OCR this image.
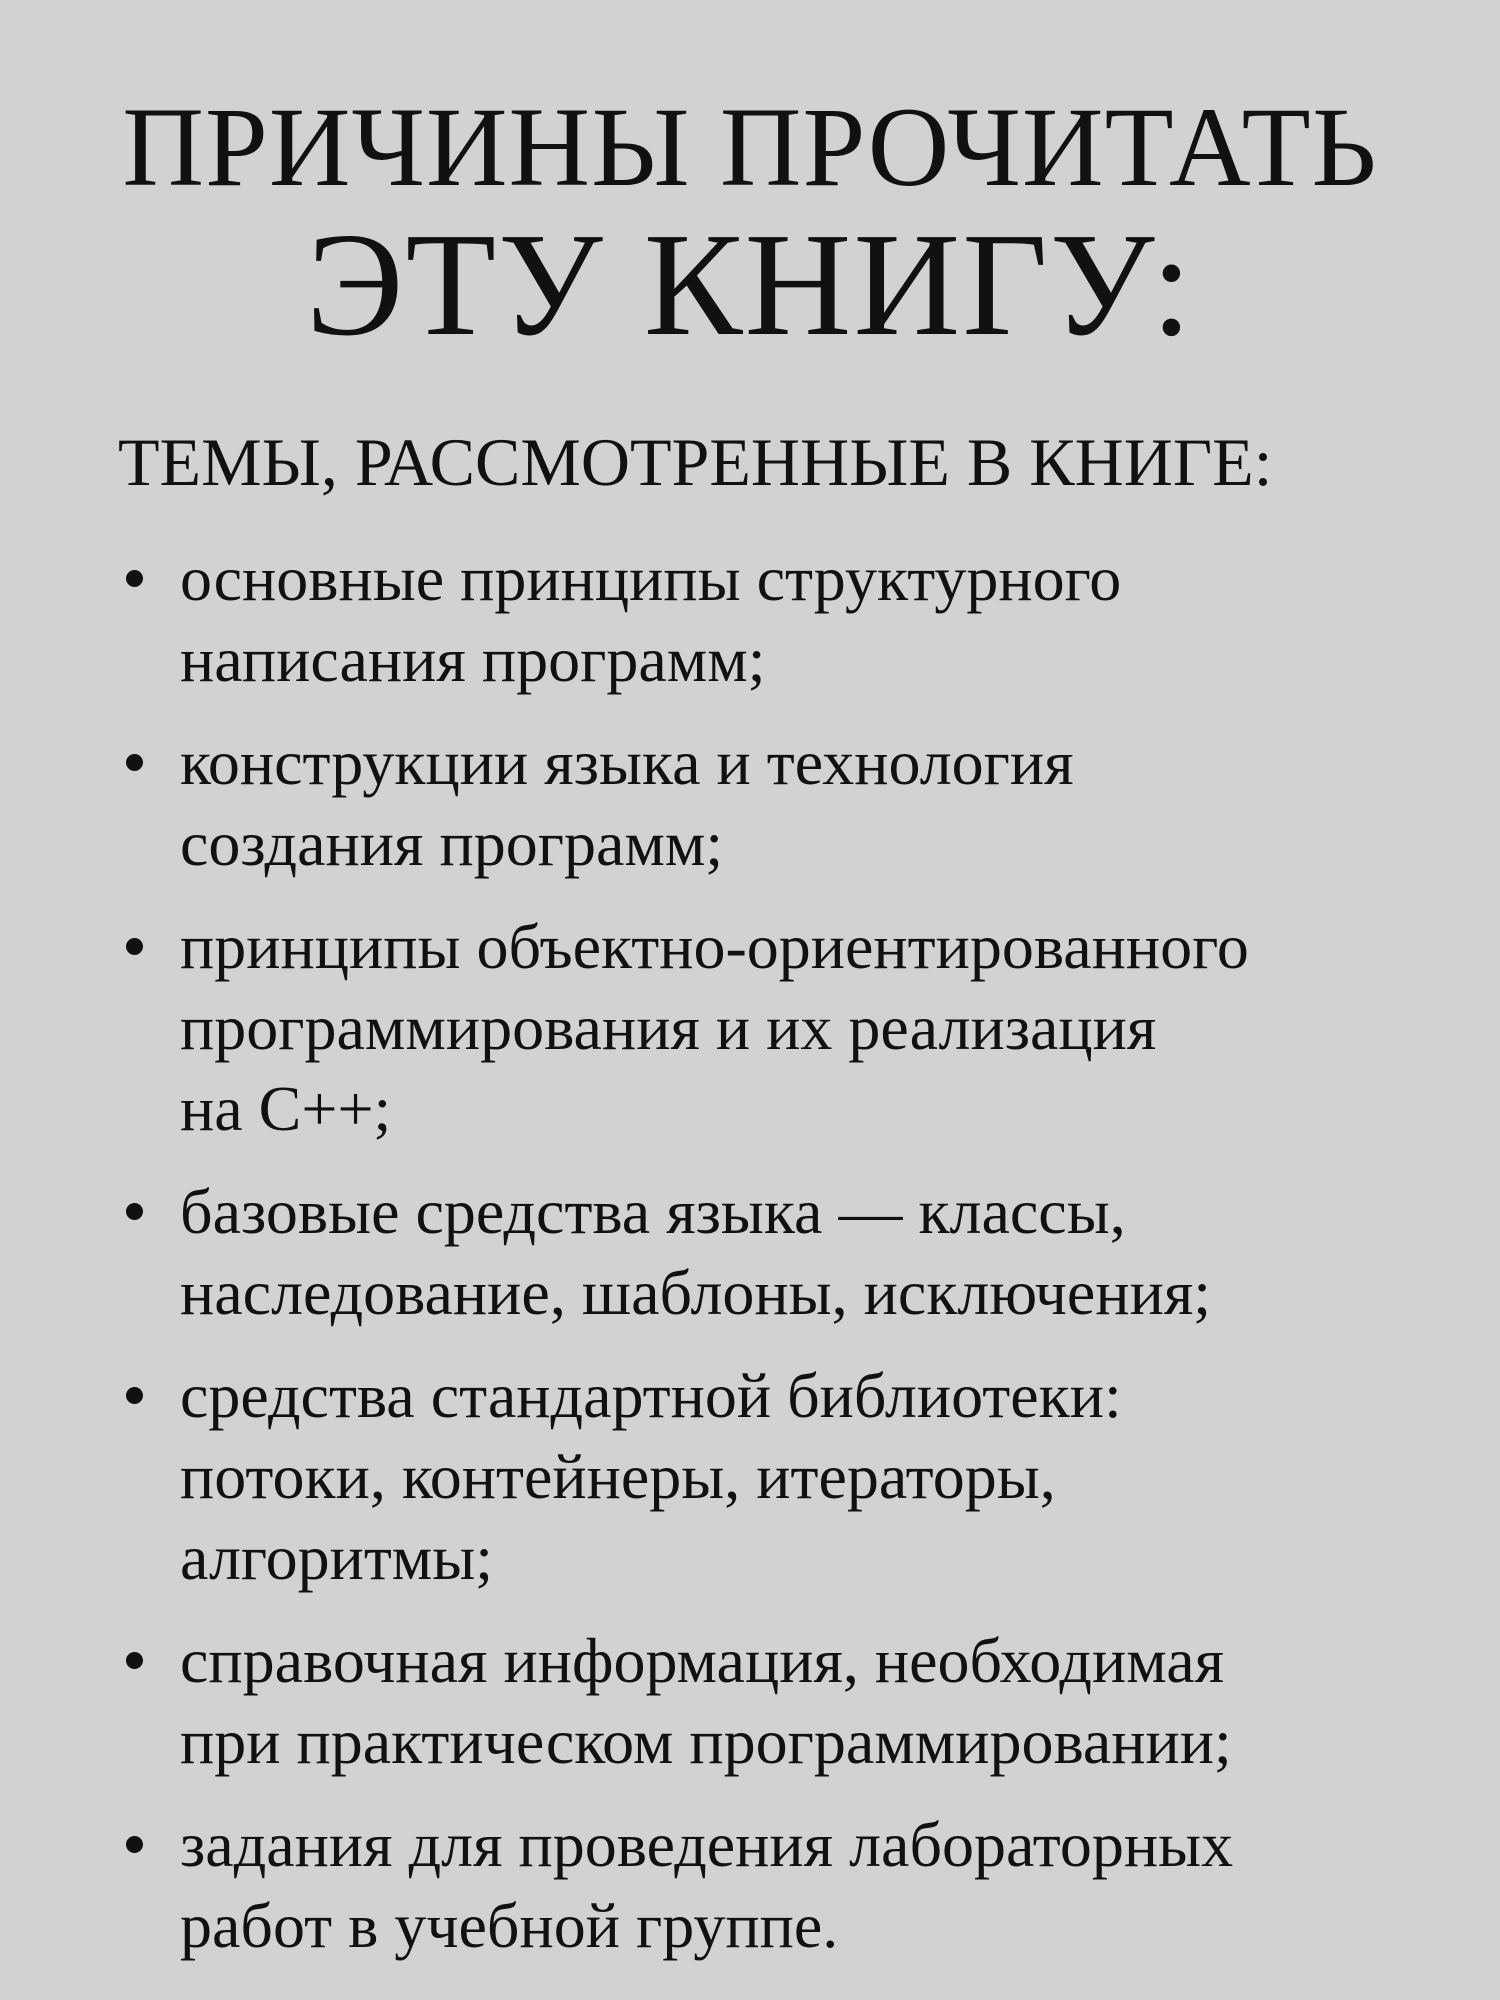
ПРИЧИНЫ ПРОЧИТАТЬ
ЭТУ КНИГУ:
ТЕМЫ, РАССМОТРЕННЫЕ В КНИГЕ:
основные принципы структурного
написания программ;
конструкции языка и технология
создания программ;
принципы объектно-ориентированного
программирования и их реализация
на C++;
базовые средства языка — классы,
наследование, шаблоны, исключения;
средства стандартной библиотеки:
потоки, контейнеры, итераторы,
алгоритмы;
справочная информация, необходимая
при практическом программировании;
задания для проведения лабораторных
работ в учебной группе.
